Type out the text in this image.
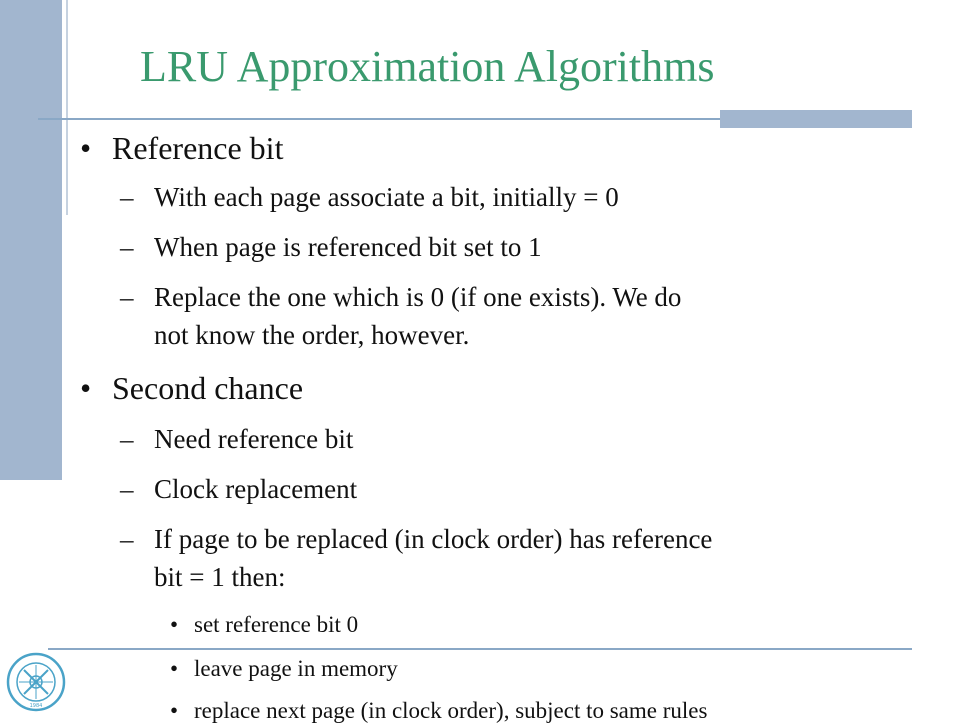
LRU Approximation Algorithms
• Reference bit
– With each page associate a bit, initially = 0
– When page is referenced bit set to 1
– Replace the one which is 0 (if one exists). We do
not know the order, however.
• Second chance
– Need reference bit
– Clock replacement
– If page to be replaced (in clock order) has reference
bit = 1 then:
• set reference bit 0
• leave page in memory
• replace next page (in clock order), subject to same rules
1984
